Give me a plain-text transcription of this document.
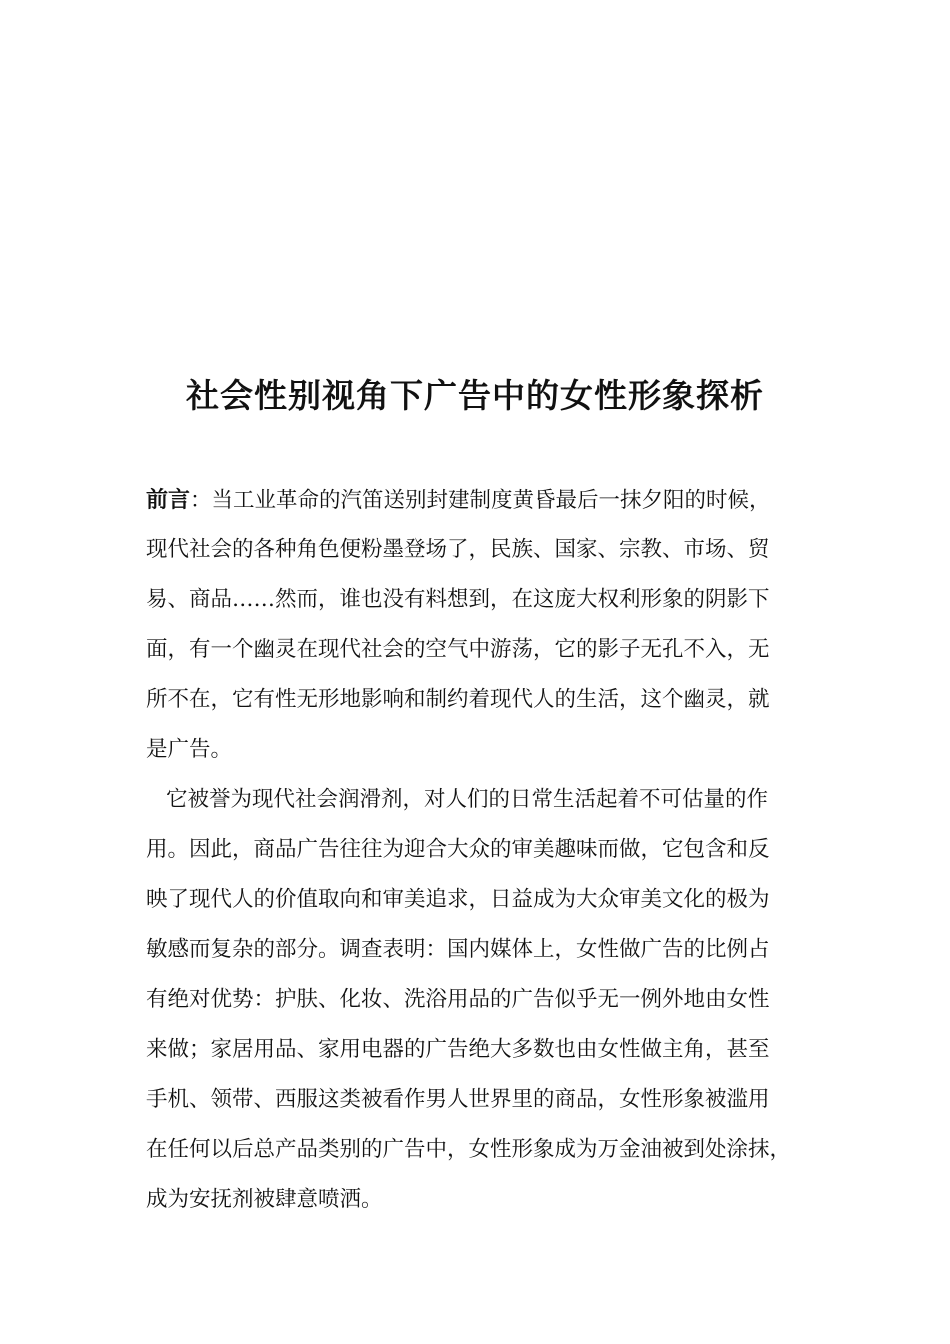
社会性别视角下广告中的女性形象探析
前言：当工业革命的汽笛送别封建制度黄昏最后一抹夕阳的时候，
现代社会的各种角色便粉墨登场了，民族、国家、宗教、市场、贸
易、商品……然而，谁也没有料想到，在这庞大权利形象的阴影下
面，有一个幽灵在现代社会的空气中游荡，它的影子无孔不入，无
所不在，它有性无形地影响和制约着现代人的生活，这个幽灵，就
是广告。
它被誉为现代社会润滑剂，对人们的日常生活起着不可估量的作
用。因此，商品广告往往为迎合大众的审美趣味而做，它包含和反
映了现代人的价值取向和审美追求，日益成为大众审美文化的极为
敏感而复杂的部分。调查表明：国内媒体上，女性做广告的比例占
有绝对优势：护肤、化妆、洗浴用品的广告似乎无一例外地由女性
来做；家居用品、家用电器的广告绝大多数也由女性做主角，甚至
手机、领带、西服这类被看作男人世界里的商品，女性形象被滥用
在任何以后总产品类别的广告中，女性形象成为万金油被到处涂抹，
成为安抚剂被肆意喷洒。
